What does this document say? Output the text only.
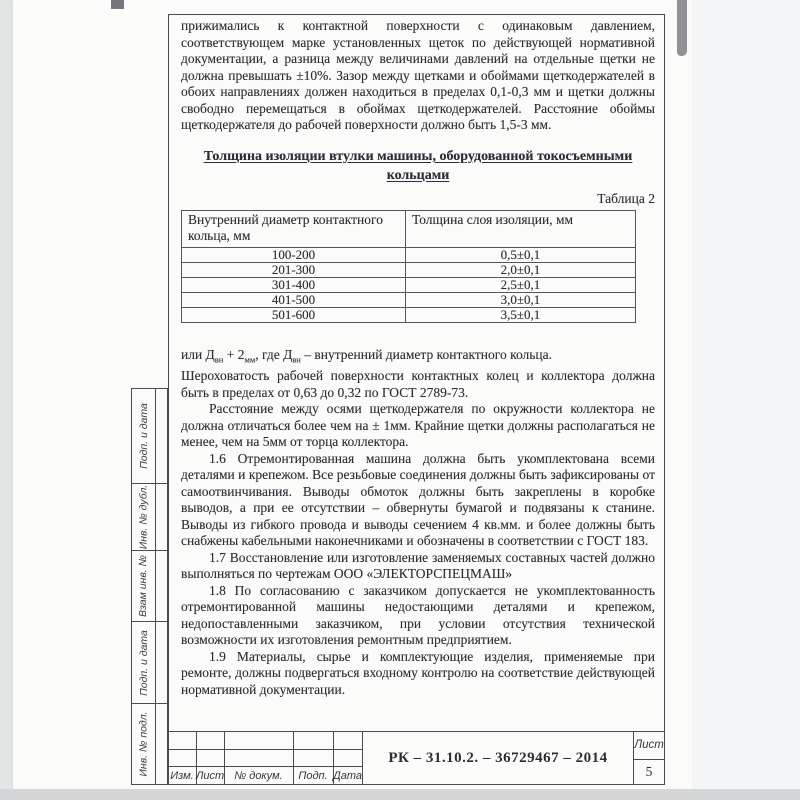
прижимались к контактной поверхности с одинаковым давлением, соответствующем марке установленных щеток по действующей нормативной документации, а разница между величинами давлений на отдельные щетки не должна превышать ±10%. Зазор между щетками и обоймами щеткодержателей в обоих направлениях должен находиться в пределах 0,1-0,3 мм и щетки должны свободно перемещаться в обоймах щеткодержателей. Расстояние обоймы щеткодержателя до рабочей поверхности должно быть 1,5-3 мм.
Толщина изоляции втулки машины, оборудованной токосъемными кольцами
Таблица 2
Внутренний диаметр контактного кольца, мм	Толщина слоя изоляции, мм
100-200	0,5±0,1
201-300	2,0±0,1
301-400	2,5±0,1
401-500	3,0±0,1
501-600	3,5±0,1
или $Д_{вн} + 2_{мм}$, где $Д_{вн}$ – внутренний диаметр контактного кольца.
Шероховатость рабочей поверхности контактных колец и коллектора должна быть в пределах от 0,63 до 0,32 по ГОСТ 2789-73.
Расстояние между осями щеткодержателя по окружности коллектора не должна отличаться более чем на ± 1мм. Крайние щетки должны располагаться не менее, чем на 5мм от торца коллектора.
1.6 Отремонтированная машина должна быть укомплектована всеми деталями и крепежом. Все резьбовые соединения должны быть зафиксированы от самоотвинчивания. Выводы обмоток должны быть закреплены в коробке выводов, а при ее отсутствии – обвернуты бумагой и подвязаны к станине. Выводы из гибкого провода и выводы сечением 4 кв.мм. и более должны быть снабжены кабельными наконечниками и обозначены в соответствии с ГОСТ 183.
1.7 Восстановление или изготовление заменяемых составных частей должно выполняться по чертежам ООО «ЭЛЕКТОРСПЕЦМАШ»
1.8 По согласованию с заказчиком допускается не укомплектованность отремонтированной машины недостающими деталями и крепежом, недопоставленными заказчиком, при условии отсутствия технической возможности их изготовления ремонтным предприятием.
1.9 Материалы, сырье и комплектующие изделия, применяемые при ремонте, должны подвергаться входному контролю на соответствие действующей нормативной документации.
Подп. и дата
Инв. № дубл.
Взам инв. №
Подп. и дата
Инв. № подл. Изм. Лист № докум.	Подп. Дата
РК – 31.10.2. – 36729467 – 2014
Лист
5
